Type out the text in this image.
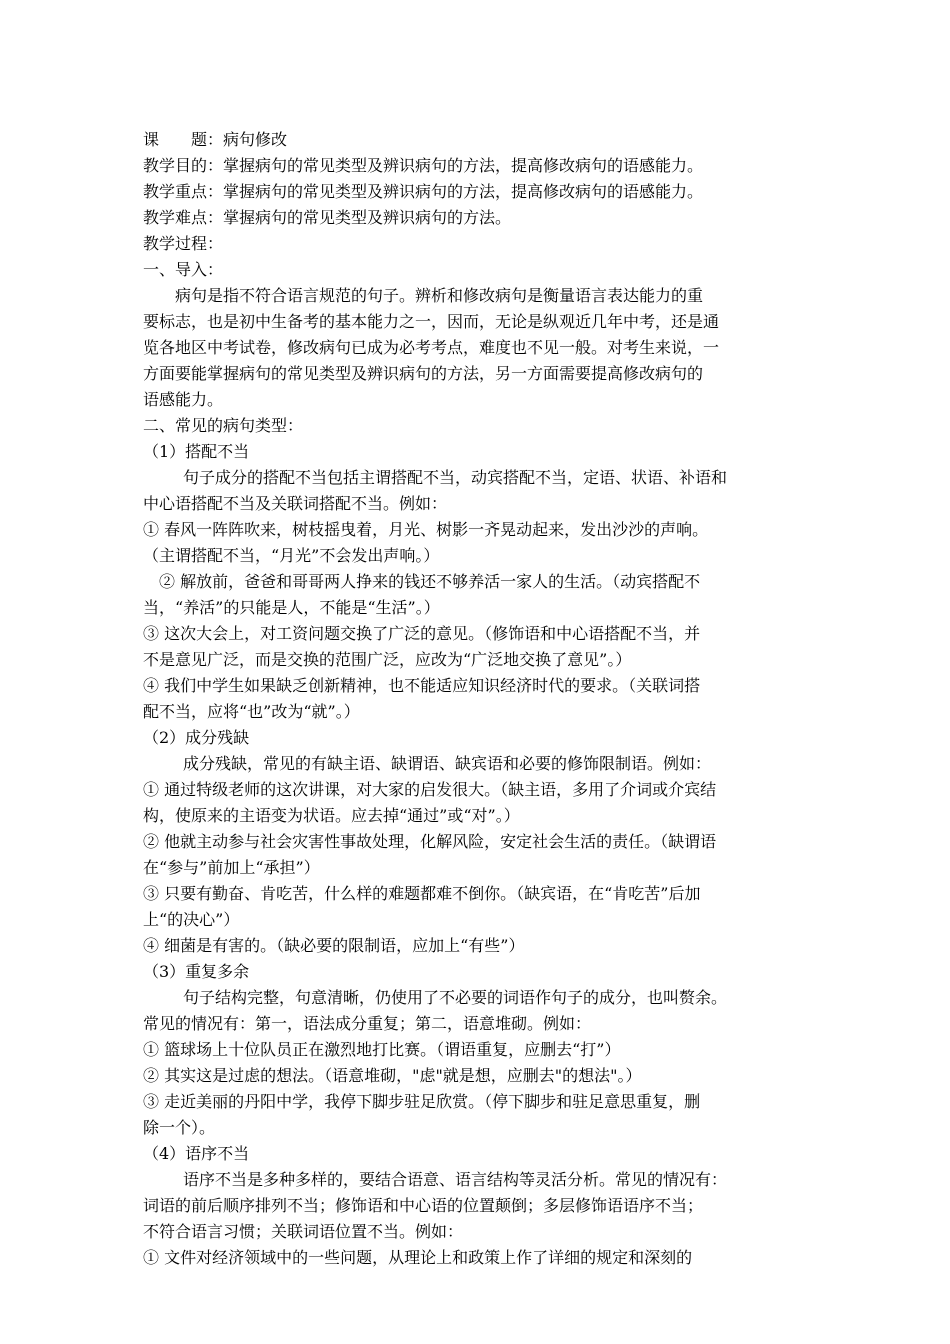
课　　题：病句修改
教学目的：掌握病句的常见类型及辨识病句的方法，提高修改病句的语感能力。
教学重点：掌握病句的常见类型及辨识病句的方法，提高修改病句的语感能力。
教学难点：掌握病句的常见类型及辨识病句的方法。
教学过程：
一、导入：
病句是指不符合语言规范的句子。辨析和修改病句是衡量语言表达能力的重
要标志，也是初中生备考的基本能力之一，因而，无论是纵观近几年中考，还是通
览各地区中考试卷，修改病句已成为必考考点，难度也不见一般。对考生来说，一
方面要能掌握病句的常见类型及辨识病句的方法，另一方面需要提高修改病句的
语感能力。
二、常见的病句类型：
（1）搭配不当
句子成分的搭配不当包括主谓搭配不当，动宾搭配不当，定语、状语、补语和
中心语搭配不当及关联词搭配不当。例如：
① 春风一阵阵吹来，树枝摇曳着，月光、树影一齐晃动起来，发出沙沙的声响。
（主谓搭配不当，“月光”不会发出声响。）
　② 解放前，爸爸和哥哥两人挣来的钱还不够养活一家人的生活。（动宾搭配不
当，“养活”的只能是人，不能是“生活”。）
③ 这次大会上，对工资问题交换了广泛的意见。（修饰语和中心语搭配不当，并
不是意见广泛，而是交换的范围广泛，应改为“广泛地交换了意见”。）
④ 我们中学生如果缺乏创新精神，也不能适应知识经济时代的要求。（关联词搭
配不当，应将“也”改为“就”。）
（2）成分残缺
成分残缺，常见的有缺主语、缺谓语、缺宾语和必要的修饰限制语。例如：
① 通过特级老师的这次讲课，对大家的启发很大。（缺主语，多用了介词或介宾结
构，使原来的主语变为状语。应去掉“通过”或“对”。）
② 他就主动参与社会灾害性事故处理，化解风险，安定社会生活的责任。（缺谓语
在“参与”前加上“承担”）
③ 只要有勤奋、肯吃苦，什么样的难题都难不倒你。（缺宾语，在“肯吃苦”后加
上“的决心”）
④ 细菌是有害的。（缺必要的限制语，应加上“有些”）
（3）重复多余
句子结构完整，句意清晰，仍使用了不必要的词语作句子的成分，也叫赘余。
常见的情况有：第一，语法成分重复；第二，语意堆砌。例如：
① 篮球场上十位队员正在激烈地打比赛。（谓语重复，应删去“打”）
② 其实这是过虑的想法。（语意堆砌，"虑"就是想，应删去"的想法"。）
③ 走近美丽的丹阳中学，我停下脚步驻足欣赏。（停下脚步和驻足意思重复，删
除一个）。
（4）语序不当
语序不当是多种多样的，要结合语意、语言结构等灵活分析。常见的情况有：
词语的前后顺序排列不当；修饰语和中心语的位置颠倒；多层修饰语语序不当；
不符合语言习惯；关联词语位置不当。例如：
① 文件对经济领域中的一些问题，从理论上和政策上作了详细的规定和深刻的
